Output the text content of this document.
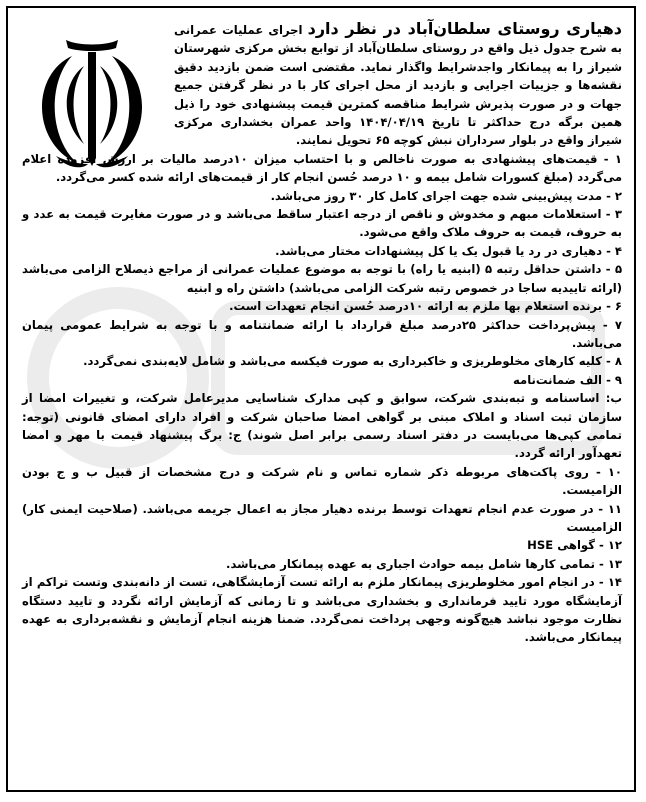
دهیاری روستای سلطان‌آباد در نظر دارد اجرای عملیات عمرانی به شرح جدول ذیل واقع در روستای سلطان‌آباد از توابع بخش مرکزی شهرستان شیراز را به پیمانکار واجدشرایط واگذار نماید. مقتضی است ضمن بازدید دقیق نقشه‌ها و جزییات اجرایی و بازدید از محل اجرای کار با در نظر گرفتن جمیع جهات و در صورت پذیرش شرایط مناقصه کمترین قیمت پیشنهادی خود را ذیل همین برگه درج حداکثر تا تاریخ ۱۴۰۴/۰۴/۱۹ واحد عمران بخشداری مرکزی شیراز واقع در بلوار سرداران نبش کوچه ۶۵ تحویل نمایند.

۱ - قیمت‌های پیشنهادی به صورت ناخالص و با احتساب میزان ۱۰درصد مالیات بر ارزش افزوده اعلام می‌گردد (مبلغ کسورات شامل بیمه و ۱۰ درصد حُسن انجام کار از قیمت‌های ارائه شده کسر می‌گردد.

۲ - مدت پیش‌بینی شده جهت اجرای کامل کار ۳۰ روز می‌باشد.

۳ - استعلامات مبهم و مخدوش و ناقص از درجه اعتبار ساقط می‌باشد و در صورت مغایرت قیمت به عدد و به حروف، قیمت به حروف ملاک واقع می‌شود.

۴ - دهیاری در رد یا قبول یک یا کل پیشنهادات مختار می‌باشد.

۵ - داشتن حداقل رتبه ۵ (ابنیه یا راه) با توجه به موضوع عملیات عمرانی از مراجع ذیصلاح الزامی می‌باشد (ارائه تاییدیه ساجا در خصوص رتبه شرکت الزامی می‌باشد) داشتن راه و ابنیه

۶ - برنده استعلام بها ملزم به ارائه ۱۰درصد حُسن انجام تعهدات است.

۷ - پیش‌پرداخت حداکثر ۲۵درصد مبلغ قرارداد با ارائه ضمانتنامه و با توجه به شرایط عمومی پیمان می‌باشد.

۸ - کلیه کارهای مخلوطریزی و خاکبرداری به صورت فیکسه می‌باشد و شامل لایه‌بندی نمی‌گردد.

۹ - الف ضمانت‌نامه

ب: اساسنامه و تبه‌بندی شرکت، سوابق و کپی مدارک شناسایی مدیرعامل شرکت، و تغییرات امضا از سازمان ثبت اسناد و املاک مبنی بر گواهی امضا صاحبان شرکت و افراد دارای امضای قانونی (توجه: تمامی کپی‌ها می‌بایست در دفتر اسناد رسمی برابر اصل شوند) ج: برگ پیشنهاد قیمت با مهر و امضا تعهدآور ارائه گردد.

۱۰ - روی پاکت‌های مربوطه ذکر شماره تماس و نام شرکت و درج مشخصات از قبیل ب و ج بودن الزامیست.

۱۱ - در صورت عدم انجام تعهدات توسط برنده دهیار مجاز به اعمال جریمه می‌باشد. (صلاحیت ایمنی کار) الزامیست

۱۲ - گواهی HSE

۱۳ - تمامی کارها شامل بیمه حوادث اجباری به عهده پیمانکار می‌باشد.

۱۴ - در انجام امور مخلوطریزی پیمانکار ملزم به ارائه تست آزمایشگاهی، تست از دانه‌بندی وتست تراکم از آزمایشگاه مورد تایید فرمانداری و بخشداری می‌باشد و تا زمانی که آزمایش ارائه نگردد و تایید دستگاه نظارت موجود نباشد هیچ‌گونه وجهی پرداخت نمی‌گردد. ضمنا هزینه انجام آزمایش و نقشه‌برداری به عهده پیمانکار می‌باشد.
